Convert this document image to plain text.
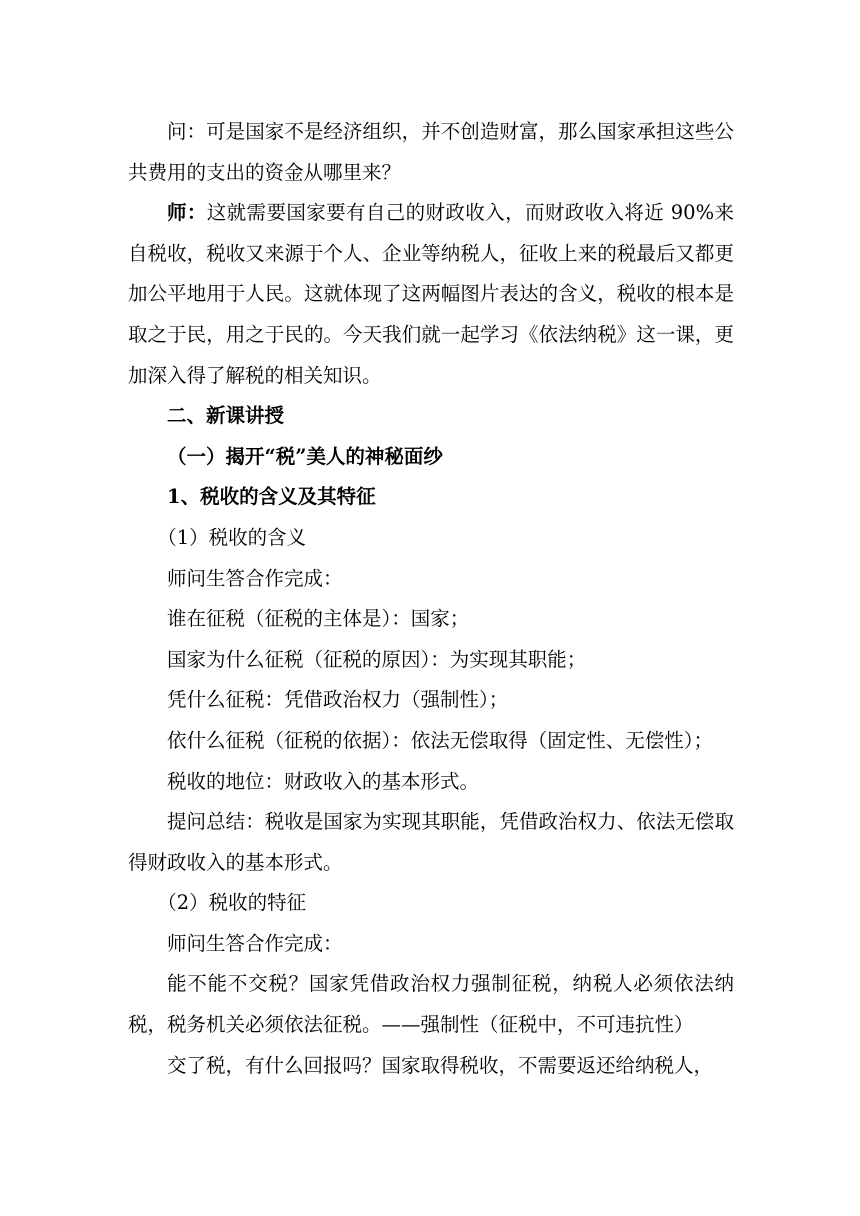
问：可是国家不是经济组织，并不创造财富，那么国家承担这些公共费用的支出的资金从哪里来？

师：这就需要国家要有自己的财政收入，而财政收入将近 90%来自税收，税收又来源于个人、企业等纳税人，征收上来的税最后又都更加公平地用于人民。这就体现了这两幅图片表达的含义，税收的根本是取之于民，用之于民的。今天我们就一起学习《依法纳税》这一课，更加深入得了解税的相关知识。

二、新课讲授

（一）揭开“税”美人的神秘面纱

1、税收的含义及其特征

（1）税收的含义

师问生答合作完成：

谁在征税（征税的主体是）：国家；

国家为什么征税（征税的原因）：为实现其职能；

凭什么征税：凭借政治权力（强制性）；

依什么征税（征税的依据）：依法无偿取得（固定性、无偿性）；

税收的地位：财政收入的基本形式。

提问总结：税收是国家为实现其职能，凭借政治权力、依法无偿取得财政收入的基本形式。

（2）税收的特征

师问生答合作完成：

能不能不交税？国家凭借政治权力强制征税，纳税人必须依法纳税，税务机关必须依法征税。——强制性（征税中，不可违抗性）

交了税，有什么回报吗？国家取得税收，不需要返还给纳税人，
